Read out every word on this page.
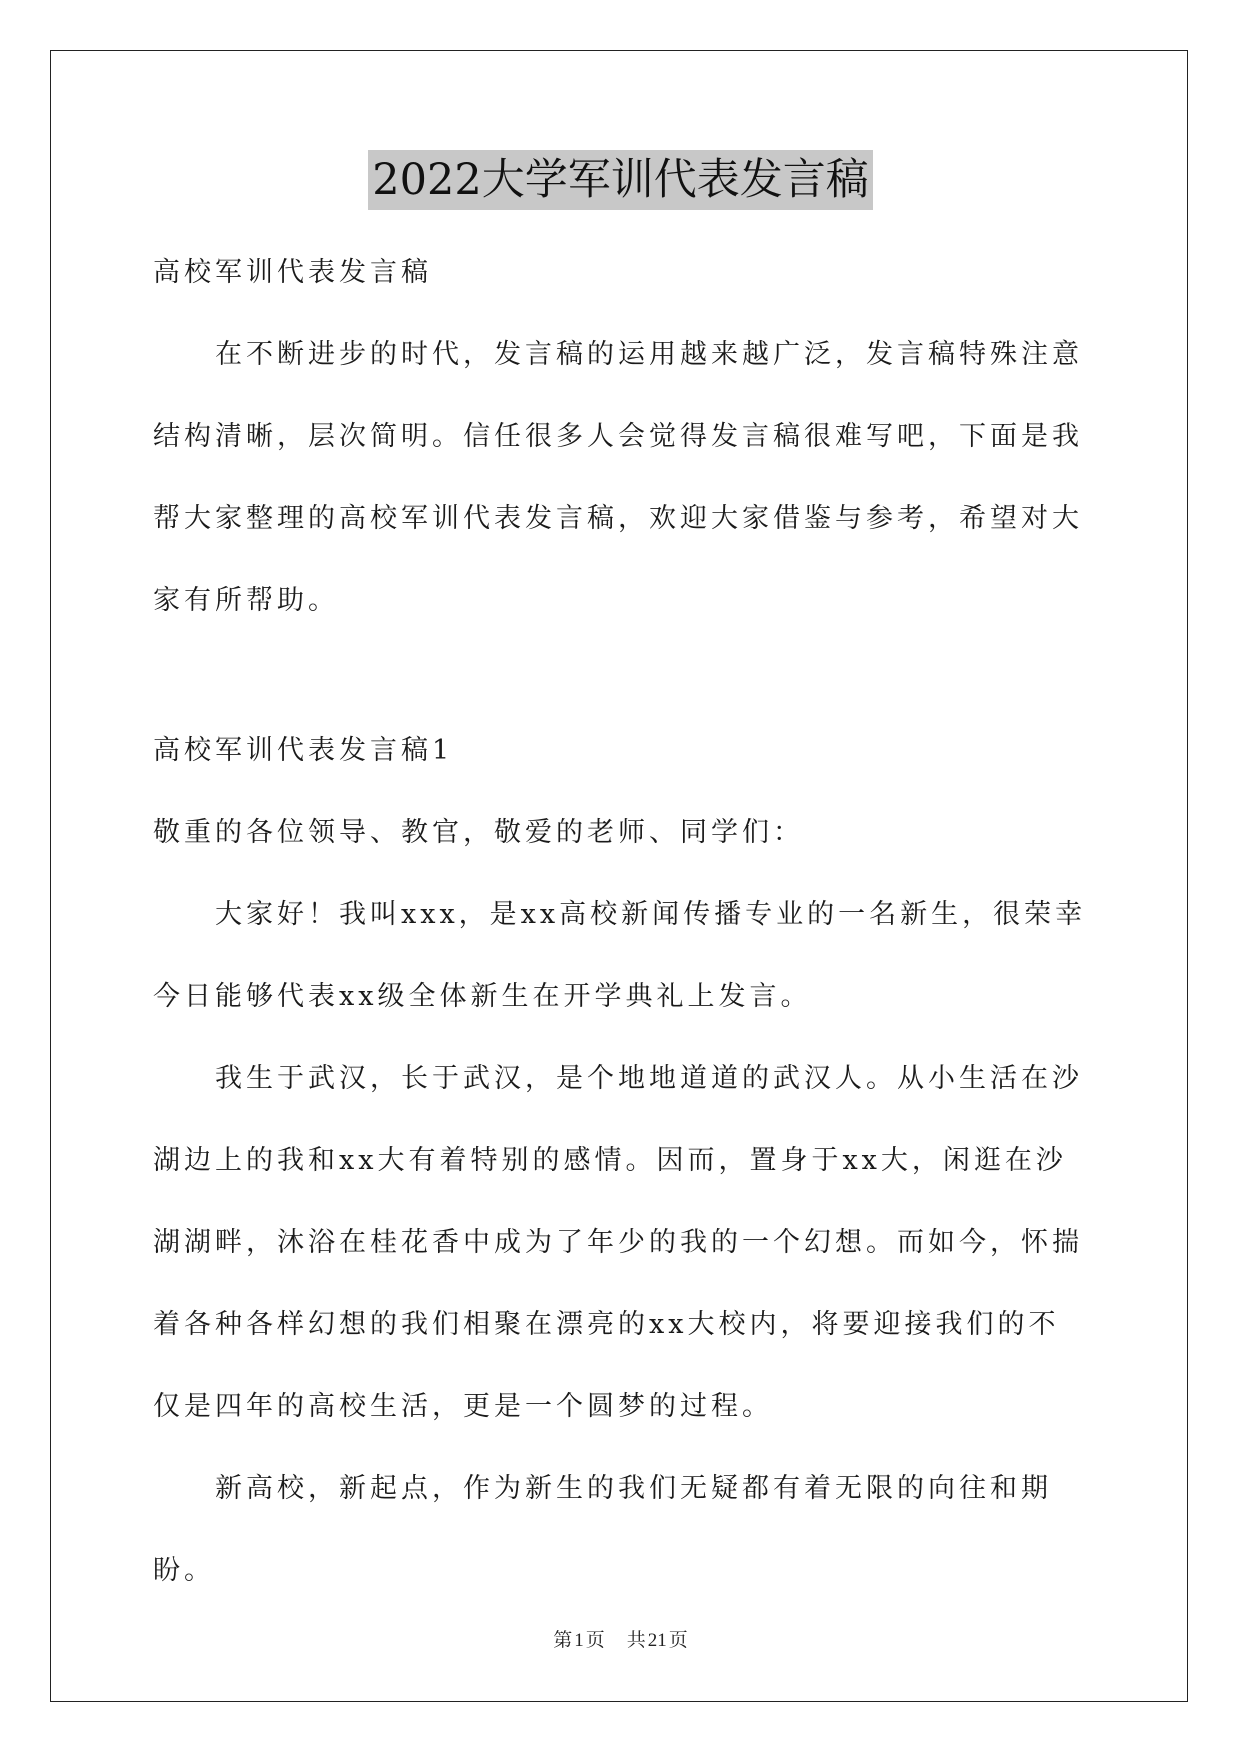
2022大学军训代表发言稿

高校军训代表发言稿

在不断进步的时代，发言稿的运用越来越广泛，发言稿特殊注意结构清晰，层次简明。信任很多人会觉得发言稿很难写吧，下面是我帮大家整理的高校军训代表发言稿，欢迎大家借鉴与参考，希望对大家有所帮助。

高校军训代表发言稿1

敬重的各位领导、教官，敬爱的老师、同学们：

大家好！我叫xxx，是xx高校新闻传播专业的一名新生，很荣幸今日能够代表xx级全体新生在开学典礼上发言。

我生于武汉，长于武汉，是个地地道道的武汉人。从小生活在沙湖边上的我和xx大有着特别的感情。因而，置身于xx大，闲逛在沙湖湖畔，沐浴在桂花香中成为了年少的我的一个幻想。而如今，怀揣着各种各样幻想的我们相聚在漂亮的xx大校内，将要迎接我们的不仅是四年的高校生活，更是一个圆梦的过程。

新高校，新起点，作为新生的我们无疑都有着无限的向往和期盼。

第 1 页 共 21 页
